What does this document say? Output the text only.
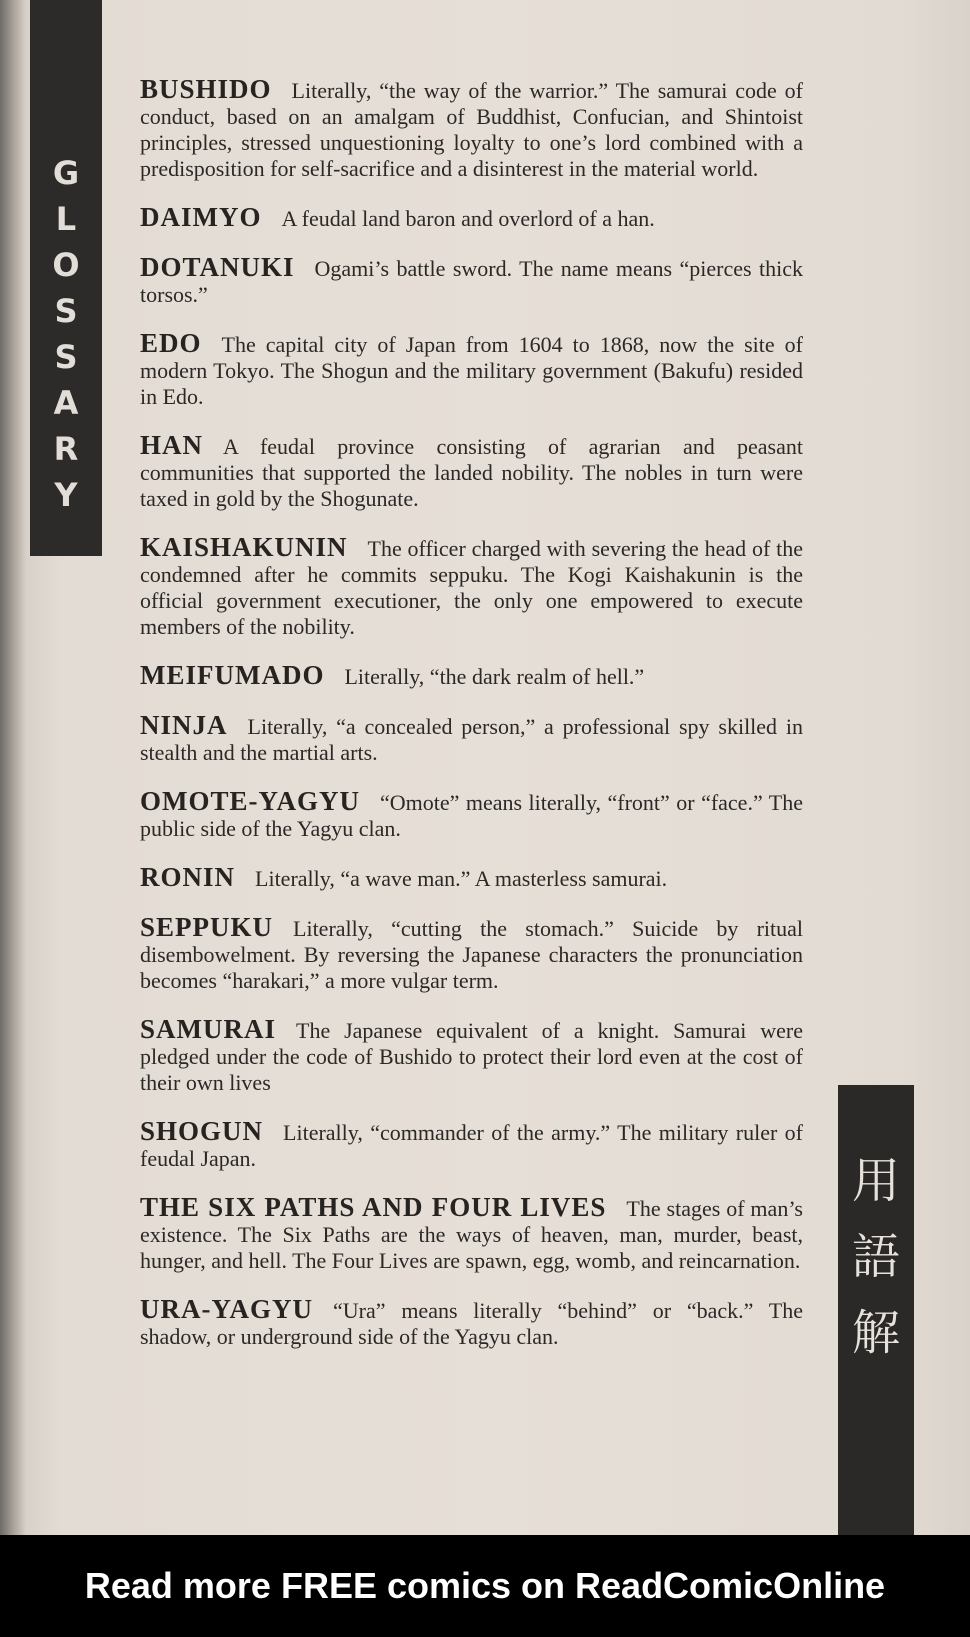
G
L
O
S
S
A
R
Y

BUSHIDO Literally, “the way of the warrior.” The samurai code of conduct, based on an amalgam of Buddhist, Confucian, and Shintoist principles, stressed unquestioning loyalty to one’s lord combined with a predisposition for self-sacrifice and a disinterest in the material world.

DAIMYO A feudal land baron and overlord of a han.

DOTANUKI Ogami’s battle sword. The name means “pierces thick torsos.”

EDO The capital city of Japan from 1604 to 1868, now the site of modern Tokyo. The Shogun and the military government (Bakufu) resided in Edo.

HAN A feudal province consisting of agrarian and peasant communities that supported the landed nobility. The nobles in turn were taxed in gold by the Shogunate.

KAISHAKUNIN The officer charged with severing the head of the condemned after he commits seppuku. The Kogi Kaishakunin is the official government executioner, the only one empowered to execute members of the nobility.

MEIFUMADO Literally, “the dark realm of hell.”

NINJA Literally, “a concealed person,” a professional spy skilled in stealth and the martial arts.

OMOTE-YAGYU “Omote” means literally, “front” or “face.” The public side of the Yagyu clan.

RONIN Literally, “a wave man.” A masterless samurai.

SEPPUKU Literally, “cutting the stomach.” Suicide by ritual disembowelment. By reversing the Japanese characters the pronunciation becomes “harakari,” a more vulgar term.

SAMURAI The Japanese equivalent of a knight. Samurai were pledged under the code of Bushido to protect their lord even at the cost of their own lives

SHOGUN Literally, “commander of the army.” The military ruler of feudal Japan.

THE SIX PATHS AND FOUR LIVES The stages of man’s existence. The Six Paths are the ways of heaven, man, murder, beast, hunger, and hell. The Four Lives are spawn, egg, womb, and reincarnation.

URA-YAGYU “Ura” means literally “behind” or “back.” The shadow, or underground side of the Yagyu clan.

用
語
解
Read more FREE comics on ReadComicOnline
